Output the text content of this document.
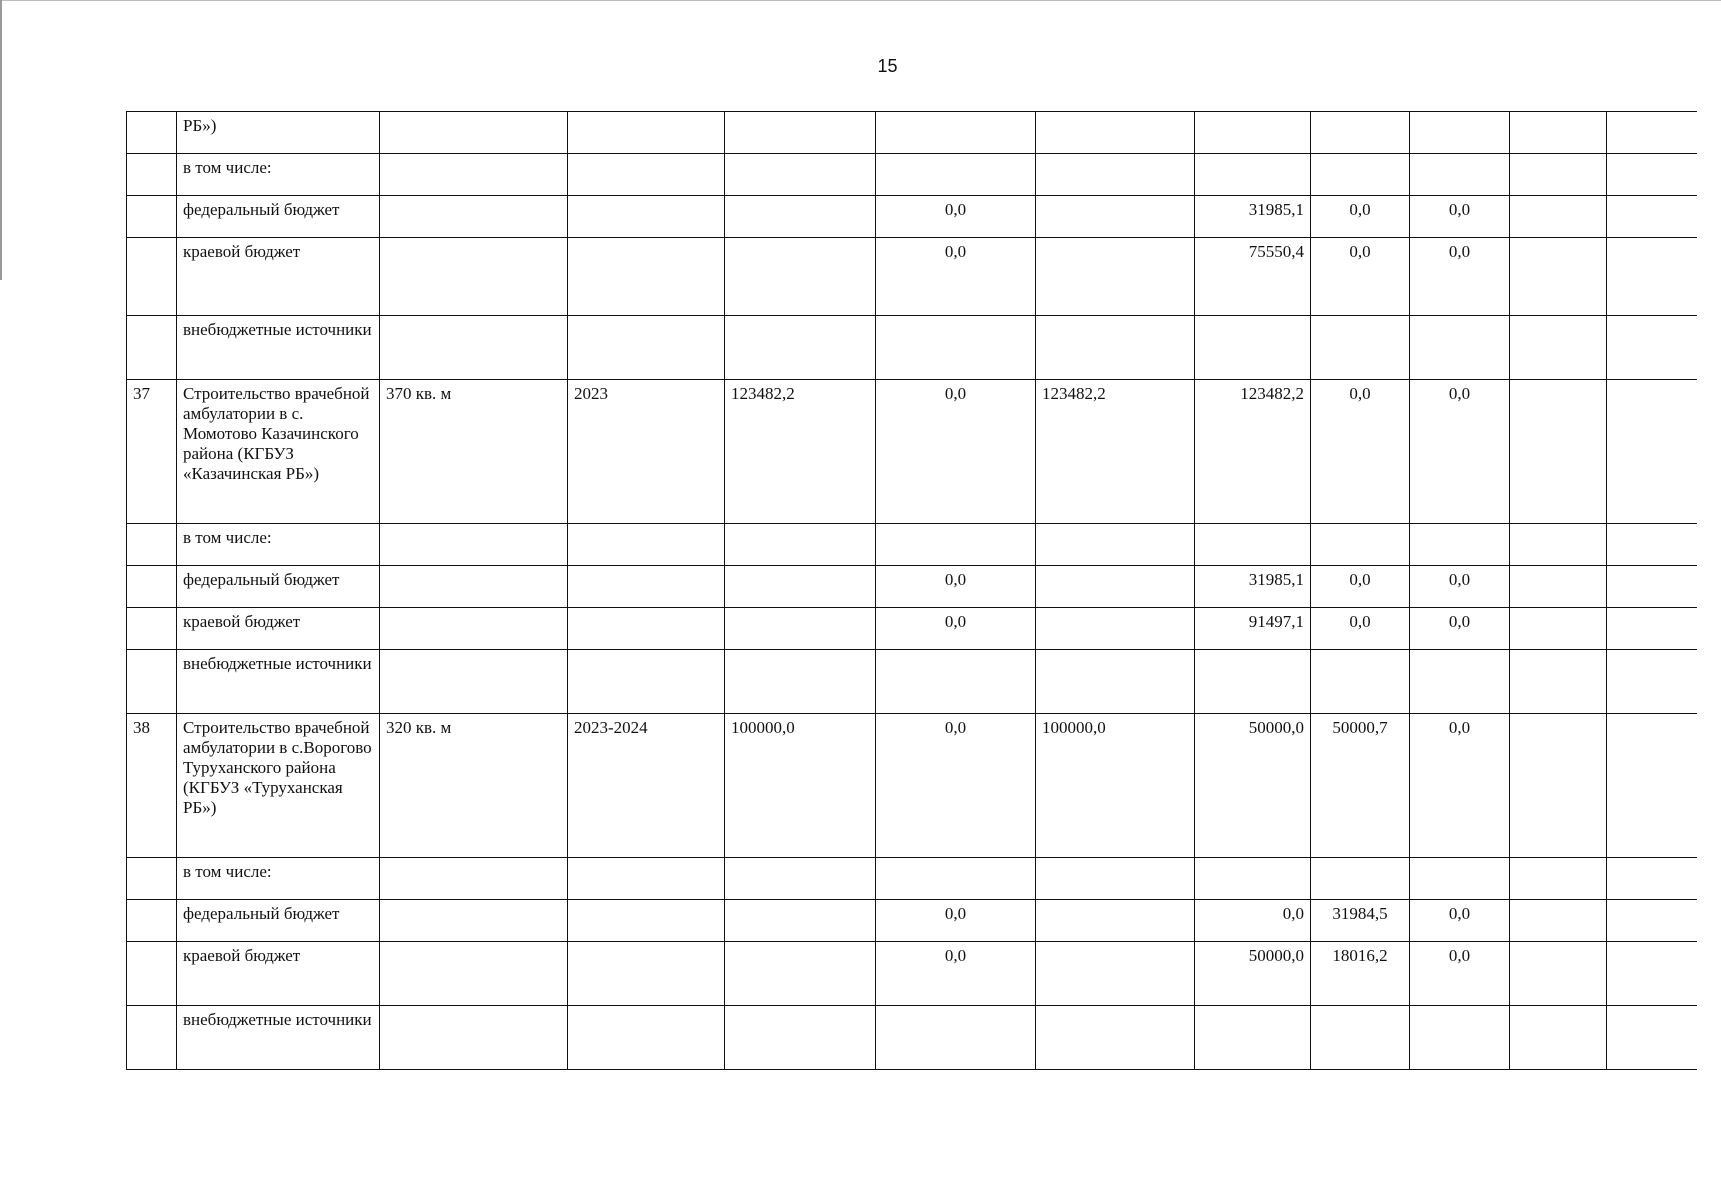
15
	РБ»)										
	в том числе:										
	федеральный бюджет				0,0		31985,1	0,0	0,0		
	краевой бюджет				0,0		75550,4	0,0	0,0		
	внебюджетные источники										
37	Строительство врачебной амбулатории в с. Момотово Казачинского района (КГБУЗ «Казачинская РБ»)	370 кв. м	2023	123482,2	0,0	123482,2	123482,2	0,0	0,0		
	в том числе:										
	федеральный бюджет				0,0		31985,1	0,0	0,0		
	краевой бюджет				0,0		91497,1	0,0	0,0		
	внебюджетные источники										
38	Строительство врачебной амбулатории в с.Ворогово Туруханского района (КГБУЗ «Туруханская РБ»)	320 кв. м	2023-2024	100000,0	0,0	100000,0	50000,0	50000,7	0,0		
	в том числе:										
	федеральный бюджет				0,0		0,0	31984,5	0,0		
	краевой бюджет				0,0		50000,0	18016,2	0,0		
	внебюджетные источники										
